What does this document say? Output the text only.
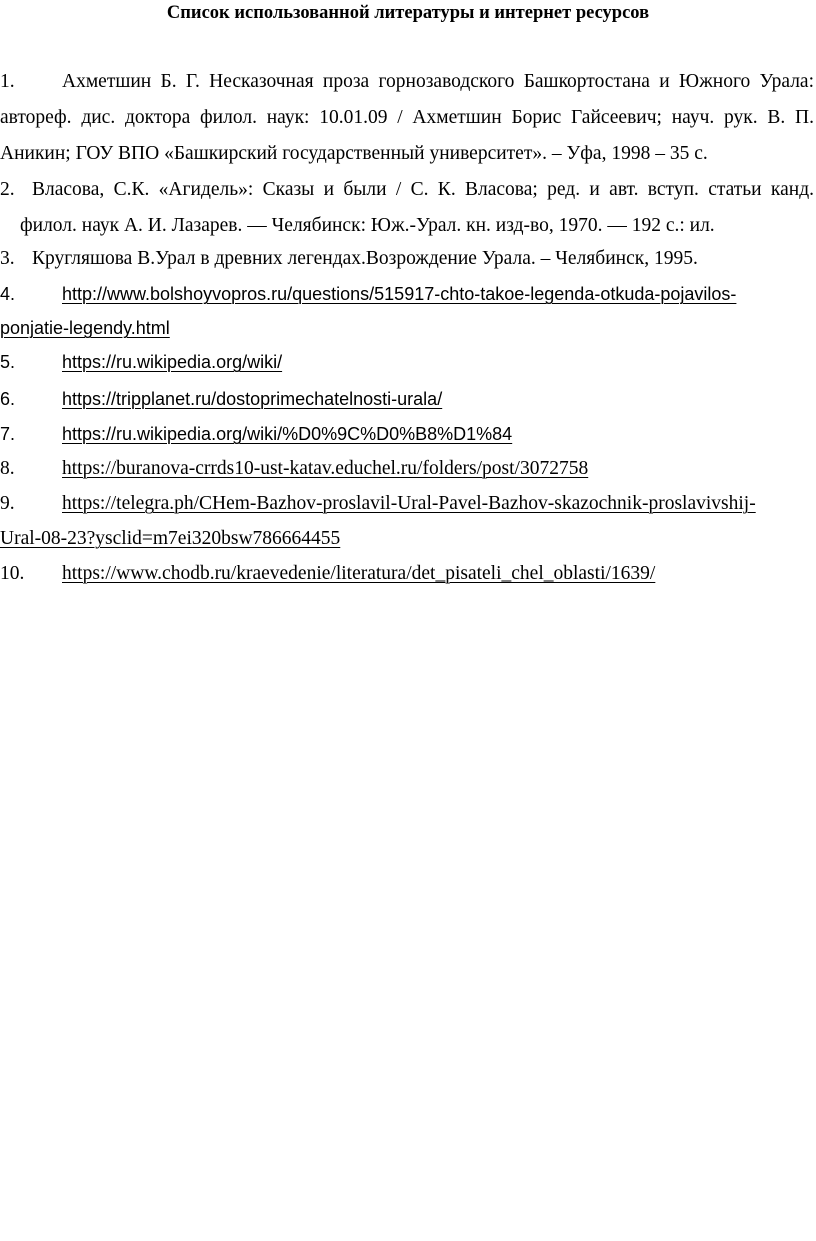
Список использованной литературы и интернет ресурсов
1. Ахметшин Б. Г. Несказочная проза горнозаводского Башкортостана и Южного Урала:
автореф. дис. доктора филол. наук: 10.01.09 / Ахметшин Борис Гайсеевич; науч. рук. В. П.
Аникин; ГОУ ВПО «Башкирский государственный университет». – Уфа, 1998 – 35 с.
2. Власова, С.К. «Агидель»: Сказы и были / С. К. Власова; ред. и авт. вступ. статьи канд.
филол. наук А. И. Лазарев. — Челябинск: Юж.-Урал. кн. изд-во, 1970. — 192 с.: ил.
3. Кругляшова В.Урал в древних легендах.Возрождение Урала. – Челябинск, 1995.
4.	http://www.bolshoyvopros.ru/questions/515917-chto-takoe-legenda-otkuda-pojavilos-
ponjatie-legendy.html
5.	https://ru.wikipedia.org/wiki/
6.	https://tripplanet.ru/dostoprimechatelnosti-urala/
7.	https://ru.wikipedia.org/wiki/%D0%9C%D0%B8%D1%84
8. https://buranova-crrds10-ust-katav.educhel.ru/folders/post/3072758
9. https://telegra.ph/CHem-Bazhov-proslavil-Ural-Pavel-Bazhov-skazochnik-proslavivshij-
Ural-08-23?ysclid=m7ei320bsw786664455
10. https://www.chodb.ru/kraevedenie/literatura/det_pisateli_chel_oblasti/1639/
